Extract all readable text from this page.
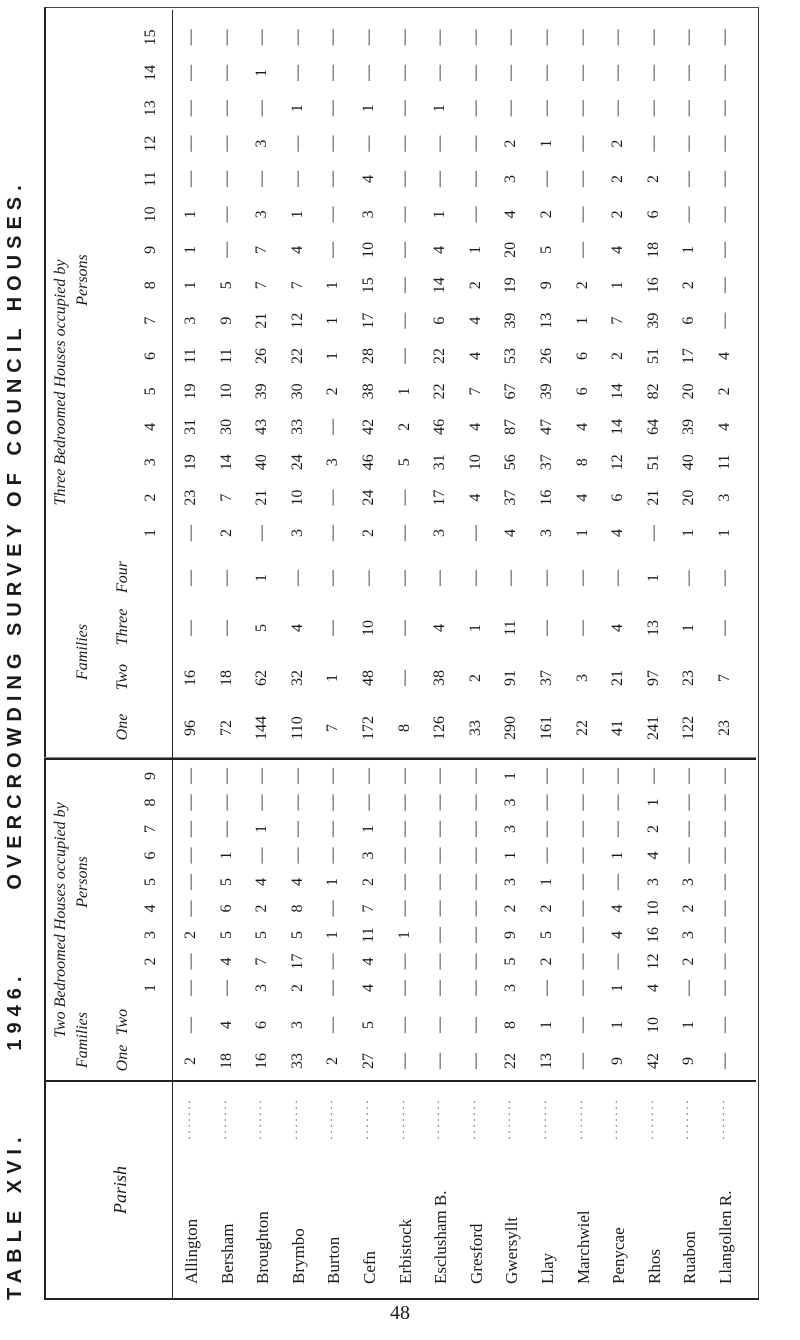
TABLE XVI.       1946.       OVERCROWDING SURVEY OF COUNCIL HOUSES.
Parish
Two Bedroomed Houses occupied by
Families
Persons
One
Two
Three Bedroomed Houses occupied by
Families
Persons
One
Two
Three
Four
1
2
3
4
5
6
7
8
9
1
2
3
4
5
6
7
8
9
10
11
12
13
14
15
Allington
·······
2
—
—
—
2
—
—
—
—
—
—
96
16
—
—
—
23
19
31
19
11
3
1
1
1
—
—
—
—
—
Bersham
·······
18
4
—
4
5
6
5
1
—
—
—
72
18
—
—
2
7
14
30
10
11
9
5
—
—
—
—
—
—
—
Broughton
·······
16
6
3
7
5
2
4
—
1
—
—
144
62
5
1
—
21
40
43
39
26
21
7
7
3
—
3
—
1
—
Brymbo
·······
33
3
2
17
5
8
4
—
—
—
—
110
32
4
—
3
10
24
33
30
22
12
7
4
1
—
—
1
—
—
Burton
·······
2
—
—
—
1
—
1
—
—
—
—
7
1
—
—
—
—
3
—
2
1
1
1
—
—
—
—
—
—
—
Cefn
·······
27
5
4
4
11
7
2
3
1
—
—
172
48
10
—
2
24
46
42
38
28
17
15
10
3
4
—
1
—
—
Erbistock
·······
—
—
—
—
1
—
—
—
—
—
—
8
—
—
—
—
—
5
2
1
—
—
—
—
—
—
—
—
—
—
Esclusham B.
·······
—
—
—
—
—
—
—
—
—
—
—
126
38
4
—
3
17
31
46
22
22
6
14
4
1
—
—
1
—
—
Gresford
·······
—
—
—
—
—
—
—
—
—
—
—
33
2
1
—
—
4
10
4
7
4
4
2
1
—
—
—
—
—
—
Gwersyllt
·······
22
8
3
5
9
2
3
1
3
3
1
290
91
11
—
4
37
56
87
67
53
39
19
20
4
3
2
—
—
—
Llay
·······
13
1
—
2
5
2
1
—
—
—
—
161
37
—
—
3
16
37
47
39
26
13
9
5
2
—
1
—
—
—
Marchwiel
·······
—
—
—
—
—
—
—
—
—
—
—
22
3
—
—
1
4
8
4
6
6
1
2
—
—
—
—
—
—
—
Penycae
·······
9
1
1
—
4
4
—
1
—
—
—
41
21
4
—
4
6
12
14
14
2
7
1
4
2
2
2
—
—
—
Rhos
·······
42
10
4
12
16
10
3
4
2
1
—
241
97
13
1
—
21
51
64
82
51
39
16
18
6
2
—
—
—
—
Ruabon
·······
9
1
—
2
3
2
3
—
—
—
—
122
23
1
—
1
20
40
39
20
17
6
2
1
—
—
—
—
—
—
Llangollen R.
·······
—
—
—
—
—
—
—
—
—
—
—
23
7
—
—
1
3
11
4
2
4
—
—
—
—
—
—
—
—
—
48
